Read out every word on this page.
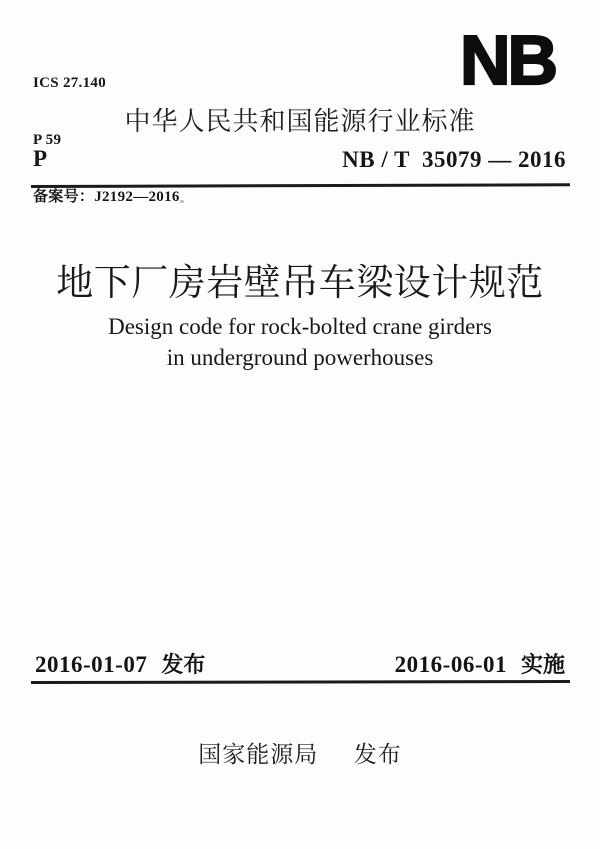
ICS 27.140

P 59

备案号：J2192—2016

NB
中华人民共和国能源行业标准
P	NB / T  35079 — 2016
地下厂房岩壁吊车梁设计规范
Design code for rock-bolted crane girders
in underground powerhouses
2016-01-07 发布	2016-06-01 实施
国家能源局 发布
